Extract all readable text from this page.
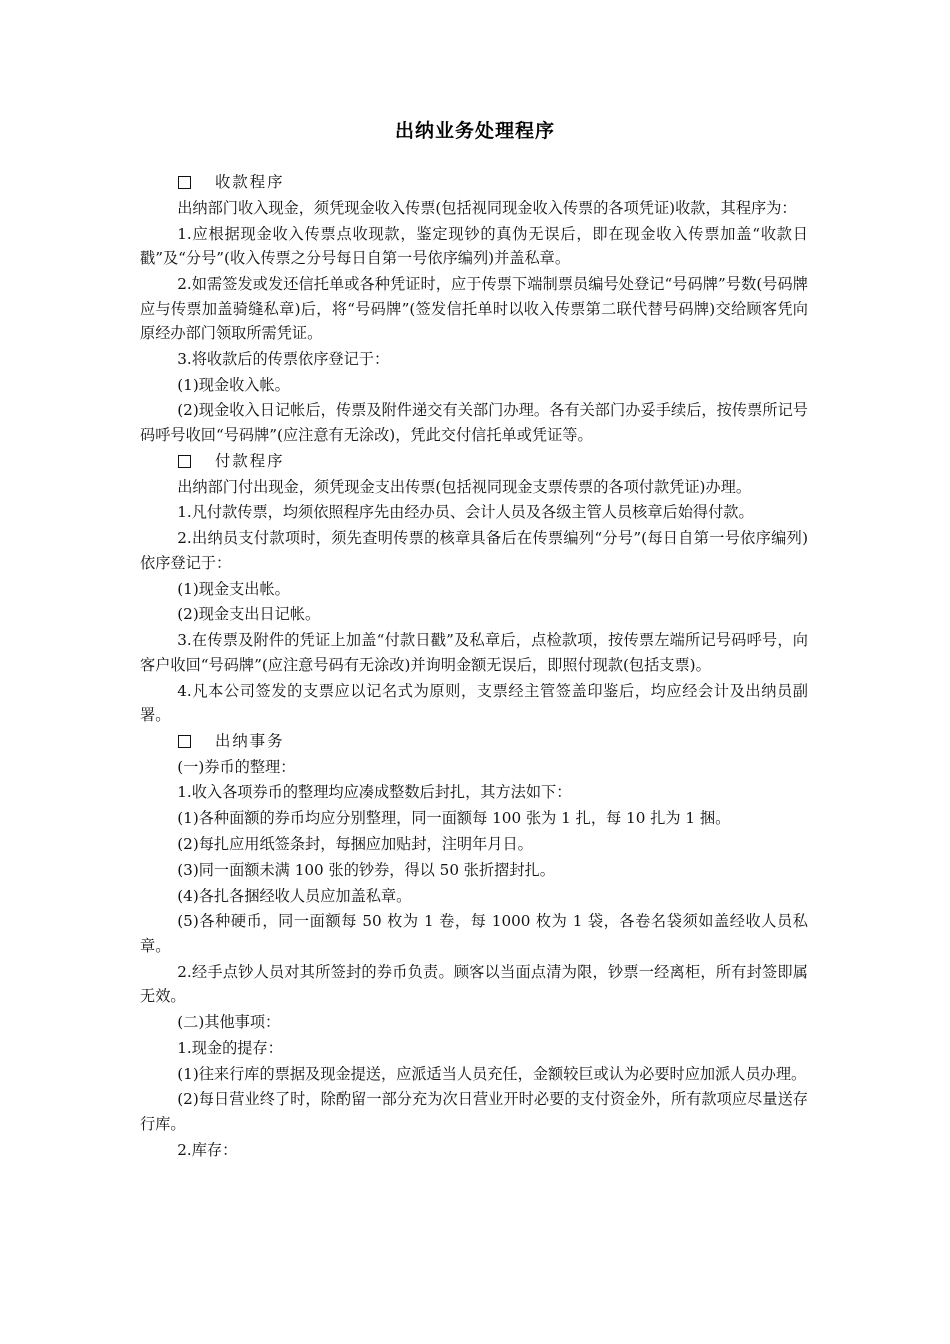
出纳业务处理程序
收款程序

出纳部门收入现金，须凭现金收入传票(包括视同现金收入传票的各项凭证)收款，其程序为：

1.应根据现金收入传票点收现款，鉴定现钞的真伪无误后，即在现金收入传票加盖“收款日戳”及“分号”(收入传票之分号每日自第一号依序编列)并盖私章。

2.如需签发或发还信托单或各种凭证时，应于传票下端制票员编号处登记“号码牌”号数(号码牌应与传票加盖骑缝私章)后，将“号码牌”(签发信托单时以收入传票第二联代替号码牌)交给顾客凭向原经办部门领取所需凭证。

3.将收款后的传票依序登记于：

(1)现金收入帐。

(2)现金收入日记帐后，传票及附件递交有关部门办理。各有关部门办妥手续后，按传票所记号码呼号收回“号码牌”(应注意有无涂改)，凭此交付信托单或凭证等。

付款程序

出纳部门付出现金，须凭现金支出传票(包括视同现金支票传票的各项付款凭证)办理。

1.凡付款传票，均须依照程序先由经办员、会计人员及各级主管人员核章后始得付款。

2.出纳员支付款项时，须先查明传票的核章具备后在传票编列“分号”(每日自第一号依序编列)依序登记于：

(1)现金支出帐。

(2)现金支出日记帐。

3.在传票及附件的凭证上加盖“付款日戳”及私章后，点检款项，按传票左端所记号码呼号，向客户收回“号码牌”(应注意号码有无涂改)并询明金额无误后，即照付现款(包括支票)。

4.凡本公司签发的支票应以记名式为原则，支票经主管签盖印鉴后，均应经会计及出纳员副署。

出纳事务

(一)券币的整理：

1.收入各项券币的整理均应凑成整数后封扎，其方法如下：

(1)各种面额的券币均应分别整理，同一面额每 100 张为 1 扎，每 10 扎为 1 捆。

(2)每扎应用纸签条封，每捆应加贴封，注明年月日。

(3)同一面额未满 100 张的钞券，得以 50 张折摺封扎。

(4)各扎各捆经收人员应加盖私章。

(5)各种硬币，同一面额每 50 枚为 1 卷，每 1000 枚为 1 袋，各卷名袋须如盖经收人员私章。

2.经手点钞人员对其所签封的券币负责。顾客以当面点清为限，钞票一经离柜，所有封签即属无效。

(二)其他事项：

1.现金的提存：

(1)往来行库的票据及现金提送，应派适当人员充任，金额较巨或认为必要时应加派人员办理。

(2)每日营业终了时，除酌留一部分充为次日营业开时必要的支付资金外，所有款项应尽量送存行库。

2.库存：
